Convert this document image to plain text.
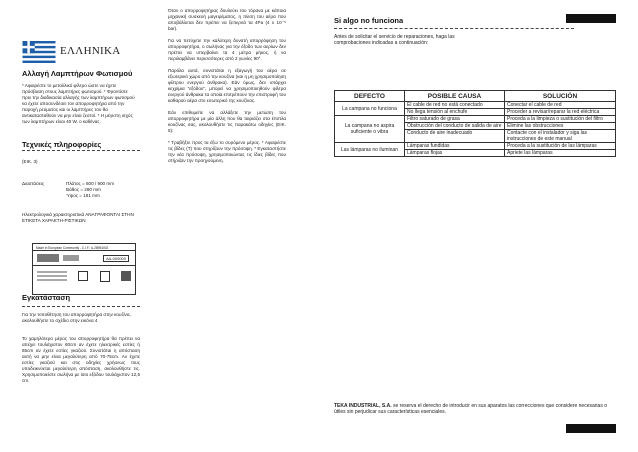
ΕΛΛΗΝΙΚΑ
Αλλαγή Λαμπτήρων Φωτισμού
* Αφαιρέστε το μεταλλικό φίλτρο ώστε να έχετε πρόσβαση στους λαμπτήρες φωτισμού. * Φροντίστε πριν την διαδικασία αλλαγής των λαμπτήρων φωτισμού να έχετε αποσυνδέσει τον απορροφητήρα από την παροχή ρεύματος και οι λαμπτήρες του θα αντικατασταθούν να μην είναι ζεστοί. * Η μέγιστη ισχύς των λαμπτήρων είναι 40 W, ο καθένας.
Τεχνικές πληροφορίες
(ΕΙΚ. 3)
Διαστάσεις	Πλάτος = 600 / 900 mm
Βάθος = 280 mm
Ύψος = 181 mm
Ηλεκτρολογικά χαρακτηριστικά ΑΝΑΓΡΑΦΟΝΤΑΙ ΣΤΗΝ ΕΤΙΚΕΤΑ ΧΑΡΑΚΤΗ-ΡΙΣΤΙΚΩΝ
Made in European Community - C.I.F.: A-28954002
AA-000000
Εγκατάσταση
Για την τοποθέτηση του απορροφητήρα στην κουζίνα, ακολουθήστε το σχέδιο στην εικόνα 4
Το χαμηλότερο μέρος του απορροφητήρα θα πρέπει να απέχει τουλάχιστον 60cm αν έχετε ηλεκτρικές εστίες ή 65cm αν έχετε εστίες γκαζιού. Συνιστάται η απόσταση αυτή να μην είναι μεγαλύτερη από 70-75cm. Αν έχετε εστίες γκαζιού και στις οδηγίες χρήσεως τους υποδεικνύεται μεγαλύτερη απόσταση, ακολουθήστε τις. Χρησιμοποιείστε σωλήνα με ίσιο εξόδου τουλάχιστον 12,5 cm.

Όταν ο απορροφητήρας δουλεύει του τόρανα με κάποια μηχανική συσκευή μαγειρέματος, η πίεση του αέρα που αποβάλλεται δεν πρέπει να ξεπερνά τα 4Pa (4 x 10⁻⁵ bar).

Για να πετύχετε την καλύτερη δυνατή απορρόφηση του απορροφητήρα, ο σωλήνας για την έξοδο των αερίων δεν πρέπει να υπερβαίνει τα 4 μέτρα μήκος, ή να περιλαμβάνει περισσότερες από 2 γωνίες 90°.

Παρόλα αυτά, συνιστάται η εξαγωγή του αέρα σε εξωτερικό χώρο από την κουζίνα (και η μη χρησιμοποίηση φίλτρου ενεργού άνθρακα). Εάν όμως, δεν υπάρχει κεχρίμια "εξόδου", μπορεί να χρησιμοποιηθούν φίλτρα ενεργού άνθρακα τα οποία επιτρέπουν την επιστροφή του καθαρού αέρα στο εσωτερικό της κουζίνας.

Εάν επιθυμείτε να αλλάξετε την μετώπη του απορροφητήρα με μία άλλη που θα ταιριάζει στα έπιπλα κουζίνας σας, ακολουθήστε τις παρακάτω οδηγίες (ΕΙΚ. 5):

* Τραβήξτε προς τα έξω το συρόμενο μέρος. * Αφαιρέστε τις βίδες (Τ) που στηρίζουν την πρόσοψη. * Εγκαταστήστε την νέα πρόσοψη, χρησιμοποιώντας τις ίδιες βίδες που στήριζαν την προηγούμενη.

Si algo no funciona
Antes de solicitar el servicio de reparaciones, haga las comprobaciones indicadas a continuación:
DEFECTO	POSIBLE CAUSA	SOLUCIÓN
La campana no funciona	El cable de red no está conectado	Conectar el cable de red
	No llega tensión al enchufe	Proceder a revisar/reparar la red eléctrica
La campana no aspira suficiente o vibra	Filtro saturado de grasa	Proceda a la limpieza o sustitución del filtro
	Obstrucción del conducto de salida de aire	Elimine las obstrucciones
	Conducto de aire inadecuado	Contacte con el instalador y siga las instrucciones de este manual
Las lámparas no iluminan	Lámparas fundidas	Proceda a la sustitución de las lámparas
	Lámparas flojas	Apriete las lámparas
TEKA INDUSTRIAL, S.A. se reserva el derecho de introducir en sus aparatos las correcciones que considere necesarias o útiles sin perjudicar sus características esenciales.
